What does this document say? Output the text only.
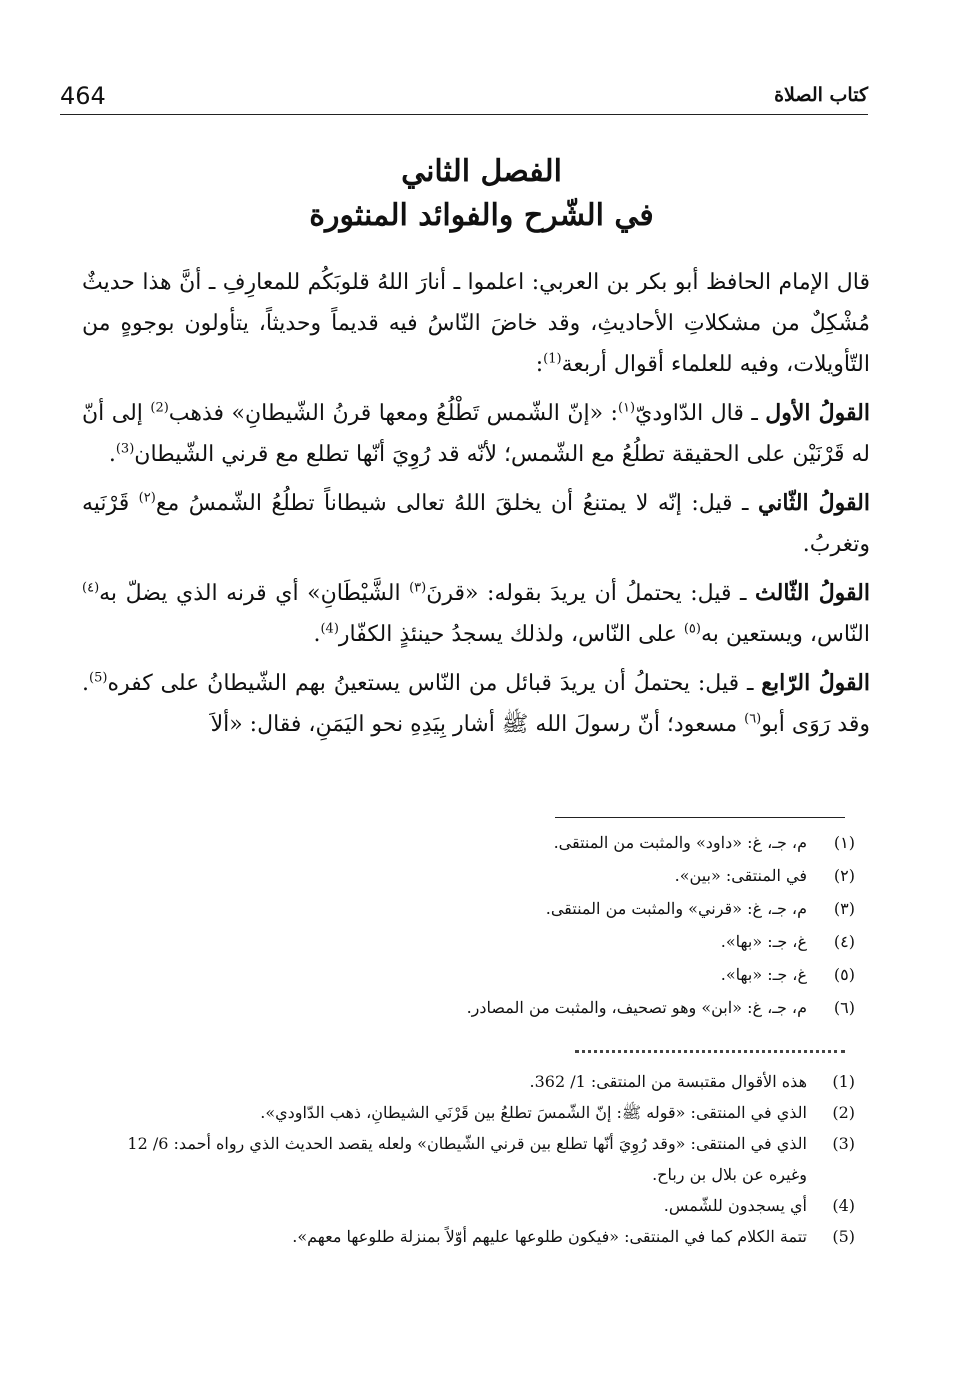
464	كتاب الصلاة
الفصل الثاني
في الشّرح والفوائد المنثورة

قال الإمام الحافظ أبو بكر بن العربي: اعلموا ـ أنارَ اللهُ قلوبَكُم للمعارِفِ ـ أنَّ هذا حديثٌ مُشْكِلٌ من مشكلاتِ الأحاديثِ، وقد خاضَ النّاسُ فيه قديماً وحديثاً، يتأولون بوجوهٍ من التّأويلات، وفيه للعلماء أقوال أربعة$^{(1)}$:

القولُ الأول ـ قال الدّاوديّ$^{(١)}$: «إنّ الشّمس تَطْلُعُ ومعها قرنُ الشّيطانِ» فذهب$^{(2)}$ إلى أنّ له قَرْنَيْن على الحقيقة تطلُعُ مع الشّمس؛ لأنّه قد رُوِيَ أنّها تطلع مع قرني الشّيطان$^{(3)}$.

القولُ الثّاني ـ قيل: إنّه لا يمتنعُ أن يخلقَ اللهُ تعالى شيطاناً تطلُعُ الشّمسُ مع$^{(٢)}$ قَرْنَيه وتغربُ.

القولُ الثّالث ـ قيل: يحتملُ أن يريدَ بقوله: «قرنَ$^{(٣)}$ الشَّيْطَانِ» أي قرنه الذي يضلّ به$^{(٤)}$ النّاس، ويستعين به$^{(٥)}$ على النّاس، ولذلك يسجدُ حينئذٍ الكفّار$^{(4)}$.

القولُ الرّابع ـ قيل: يحتملُ أن يريدَ قبائل من النّاس يستعينُ بهم الشّيطانُ على كفره$^{(5)}$. وقد رَوَى أبو$^{(٦)}$ مسعود؛ أنّ رسولَ الله ﷺ أشار بِيَدِهِ نحو اليَمَنِ، فقال: «ألاَ

(١)
م، جـ، غ: «داود» والمثبت من المنتقى.
(٢)
في المنتقى: «بين».
(٣)
م، جـ، غ: «قرني» والمثبت من المنتقى.
(٤)
غ، جـ: «بها».
(٥)
غ، جـ: «بها».
(٦)
م، جـ، غ: «ابن» وهو تصحيف، والمثبت من المصادر.
(1)
هذه الأقوال مقتبسة من المنتقى: 1/ 362.
(2)
الذي في المنتقى: «قوله ﷺ: إنّ الشّمسَ تطلعُ بين قَرْنَي الشيطانِ، ذهب الدّاودي».
(3)
الذي في المنتقى: «وقد رُوِيَ أنّها تطلع بين قرني الشّيطان» ولعله يقصد الحديث الذي رواه أحمد: 6/ 12 وغيره عن بلال بن رباح.
(4)
أي يسجدون للشّمس.
(5)
تتمة الكلام كما في المنتقى: «فيكون طلوعها عليهم أوّلاً بمنزلة طلوعها معهم».
